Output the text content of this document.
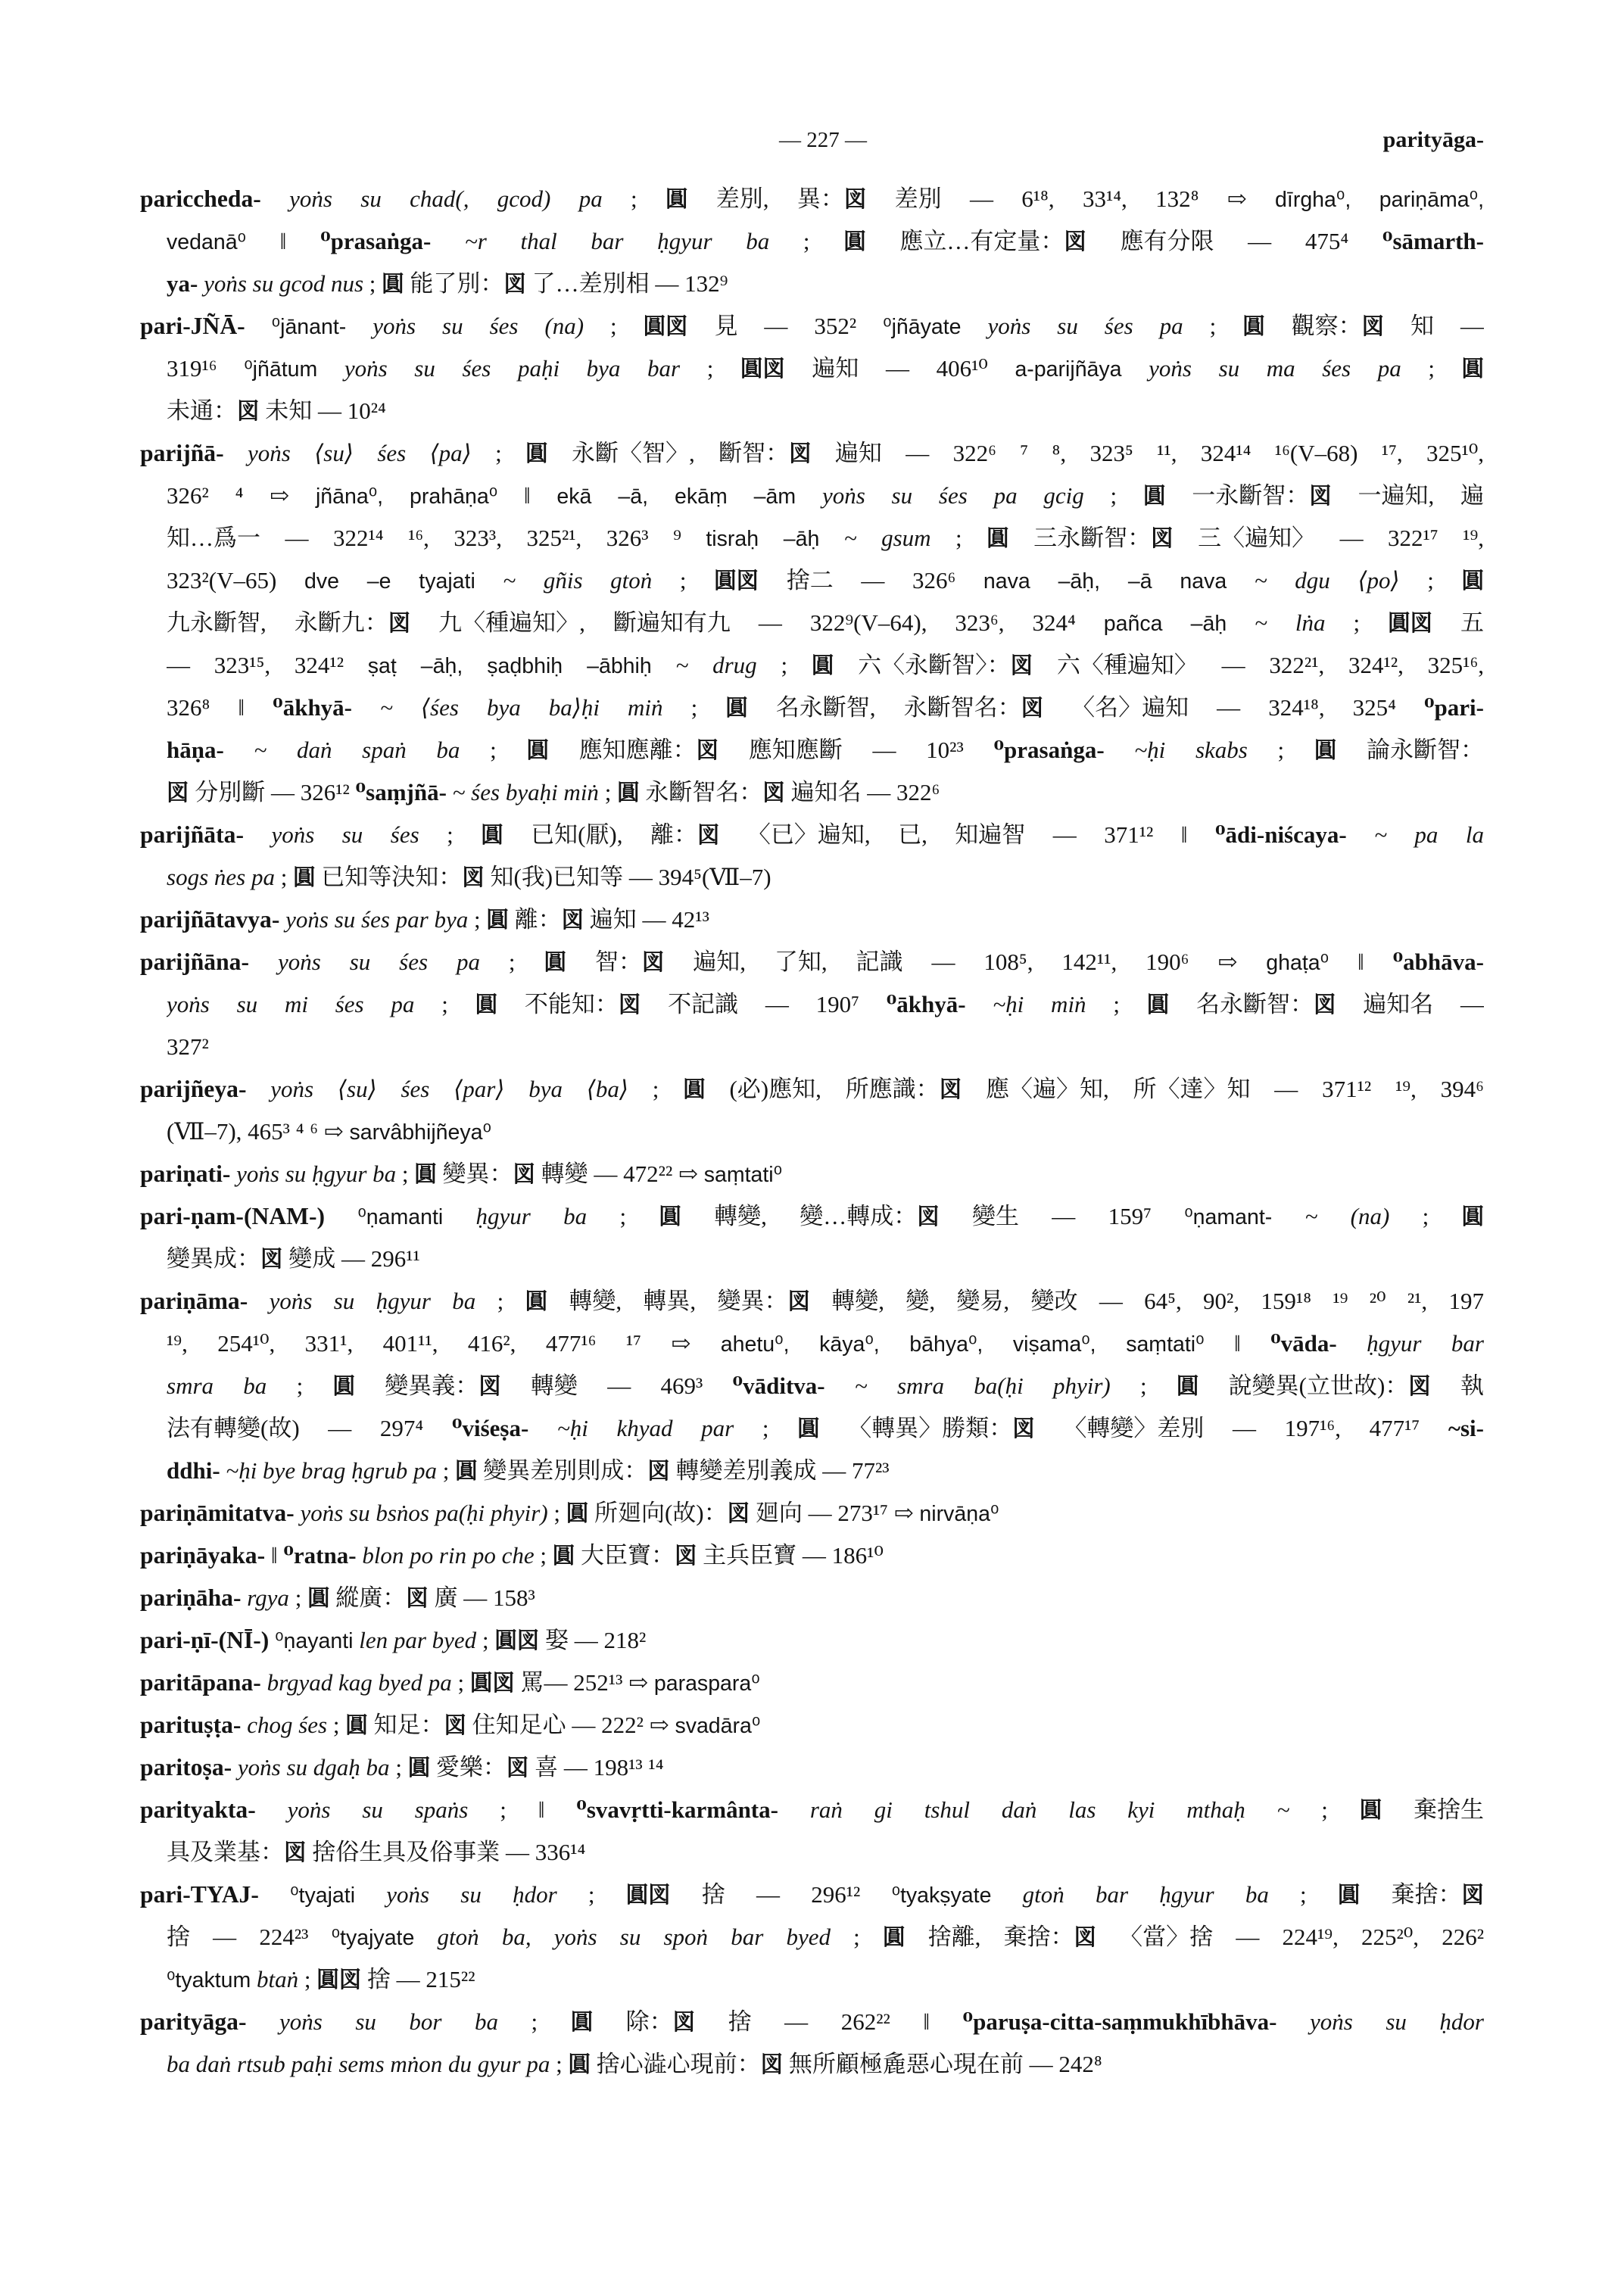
— 227 —	parityāga-
pariccheda- yoṅs su chad(, gcod) pa ; 圓 差別, 異：図 差別 — 6¹⁸, 33¹⁴, 132⁸ ⇨ dīrgha⁰, pariṇāma⁰,
vedanā⁰ ‖ ⁰prasaṅga- ~r thal bar ḥgyur ba ; 圓 應立…有定量：図 應有分限 — 475⁴ ⁰sāmarth-
ya- yoṅs su gcod nus ; 圓 能了別：図 了…差別相 — 132⁹
pari-JÑĀ- ⁰jānant- yoṅs su śes (na) ; 圓図 見 — 352² ⁰jñāyate yoṅs su śes pa ; 圓 觀察：図 知 —
319¹⁶ ⁰jñātum yoṅs su śes paḥi bya bar ; 圓図 遍知 — 406¹⁰ a-parijñāya yoṅs su ma śes pa ; 圓
未通：図 未知 — 10²⁴
parijñā- yoṅs ⟨su⟩ śes ⟨pa⟩ ; 圓 永斷〈智〉, 斷智：図 遍知 — 322⁶ ⁷ ⁸, 323⁵ ¹¹, 324¹⁴ ¹⁶(V–68) ¹⁷, 325¹⁰,
326² ⁴ ⇨ jñāna⁰, prahāṇa⁰ ‖ ekā –ā, ekāṃ –ām yoṅs su śes pa gcig ; 圓 一永斷智：図 一遍知, 遍
知…爲一 — 322¹⁴ ¹⁶, 323³, 325²¹, 326³ ⁹ tisraḥ –āḥ ~ gsum ; 圓 三永斷智：図 三〈遍知〉 — 322¹⁷ ¹⁹,
323²(V–65) dve –e tyajati ~ gñis gtoṅ ; 圓図 捨二 — 326⁶ nava –āḥ, –ā nava ~ dgu ⟨po⟩ ; 圓
九永斷智, 永斷九：図 九〈種遍知〉, 斷遍知有九 — 322⁹(V–64), 323⁶, 324⁴ pañca –āḥ ~ lṅa ; 圓図 五
— 323¹⁵, 324¹² ṣaṭ –āḥ, ṣaḍbhiḥ –ābhiḥ ~ drug ; 圓 六〈永斷智〉：図 六〈種遍知〉 — 322²¹, 324¹², 325¹⁶,
326⁸ ‖ ⁰ākhyā- ~ ⟨śes bya ba⟩ḥi miṅ ; 圓 名永斷智, 永斷智名：図 〈名〉遍知 — 324¹⁸, 325⁴ ⁰pari-
hāṇa- ~ daṅ spaṅ ba ; 圓 應知應離：図 應知應斷 — 10²³ ⁰prasaṅga- ~ḥi skabs ; 圓 論永斷智：
図 分別斷 — 326¹² ⁰saṃjñā- ~ śes byaḥi miṅ ; 圓 永斷智名：図 遍知名 — 322⁶
parijñāta- yoṅs su śes ; 圓 已知(厭), 離：図 〈已〉遍知, 已, 知遍智 — 371¹² ‖ ⁰ādi-niścaya- ~ pa la
sogs ṅes pa ; 圓 已知等決知：図 知(我)已知等 — 394⁵(Ⅶ–7)
parijñātavya- yoṅs su śes par bya ; 圓 離：図 遍知 — 42¹³
parijñāna- yoṅs su śes pa ; 圓 智：図 遍知, 了知, 記識 — 108⁵, 142¹¹, 190⁶ ⇨ ghaṭa⁰ ‖ ⁰abhāva-
yoṅs su mi śes pa ; 圓 不能知：図 不記識 — 190⁷ ⁰ākhyā- ~ḥi miṅ ; 圓 名永斷智：図 遍知名 —
327²
parijñeya- yoṅs ⟨su⟩ śes ⟨par⟩ bya ⟨ba⟩ ; 圓 (必)應知, 所應識：図 應〈遍〉知, 所〈達〉知 — 371¹² ¹⁹, 394⁶
(Ⅶ–7), 465³ ⁴ ⁶ ⇨ sarvâbhijñeya⁰
pariṇati- yoṅs su ḥgyur ba ; 圓 變異：図 轉變 — 472²² ⇨ saṃtati⁰
pari-ṇam-(NAM-) ⁰ṇamanti ḥgyur ba ; 圓 轉變, 變…轉成：図 變生 — 159⁷ ⁰ṇamant- ~ (na) ; 圓
變異成：図 變成 — 296¹¹
pariṇāma- yoṅs su ḥgyur ba ; 圓 轉變, 轉異, 變異：図 轉變, 變, 變易, 變改 — 64⁵, 90², 159¹⁸ ¹⁹ ²⁰ ²¹, 197
¹⁹, 254¹⁰, 331¹, 401¹¹, 416², 477¹⁶ ¹⁷ ⇨ ahetu⁰, kāya⁰, bāhya⁰, viṣama⁰, saṃtati⁰ ‖ ⁰vāda- ḥgyur bar
smra ba ; 圓 變異義：図 轉變 — 469³ ⁰vāditva- ~ smra ba(ḥi phyir) ; 圓 說變異(立世故)：図 執
法有轉變(故) — 297⁴ ⁰viśeṣa- ~ḥi khyad par ; 圓 〈轉異〉勝類：図 〈轉變〉差別 — 197¹⁶, 477¹⁷ ~si-
ddhi- ~ḥi bye brag ḥgrub pa ; 圓 變異差別則成：図 轉變差別義成 — 77²³
pariṇāmitatva- yoṅs su bsṅos pa(ḥi phyir) ; 圓 所廻向(故)：図 廻向 — 273¹⁷ ⇨ nirvāṇa⁰
pariṇāyaka- ‖ ⁰ratna- blon po rin po che ; 圓 大臣寶：図 主兵臣寶 — 186¹⁰
pariṇāha- rgya ; 圓 縱廣：図 廣 — 158³
pari-ṇī-(NĪ-) ⁰ṇayanti len par byed ; 圓図 娶 — 218²
paritāpana- brgyad kag byed pa ; 圓図 罵— 252¹³ ⇨ paraspara⁰
parituṣṭa- chog śes ; 圓 知足：図 住知足心 — 222² ⇨ svadāra⁰
paritoṣa- yoṅs su dgaḥ ba ; 圓 愛樂：図 喜 — 198¹³ ¹⁴
parityakta- yoṅs su spaṅs ; ‖ ⁰svavṛtti-karmânta- raṅ gi tshul daṅ las kyi mthaḥ ~ ; 圓 棄捨生
具及業基：図 捨俗生具及俗事業 — 336¹⁴
pari-TYAJ- ⁰tyajati yoṅs su ḥdor ; 圓図 捨 — 296¹² ⁰tyakṣyate gtoṅ bar ḥgyur ba ; 圓 棄捨：図
捨 — 224²³ ⁰tyajyate gtoṅ ba, yoṅs su spoṅ bar byed ; 圓 捨離, 棄捨：図 〈當〉捨 — 224¹⁹, 225²⁰, 226²
⁰tyaktum btaṅ ; 圓図 捨 — 215²²
parityāga- yoṅs su bor ba ; 圓 除：図 捨 — 262²² ‖ ⁰paruṣa-citta-saṃmukhībhāva- yoṅs su ḥdor
ba daṅ rtsub paḥi sems mṅon du gyur pa ; 圓 捨心澁心現前：図 無所顧極麁惡心現在前 — 242⁸
